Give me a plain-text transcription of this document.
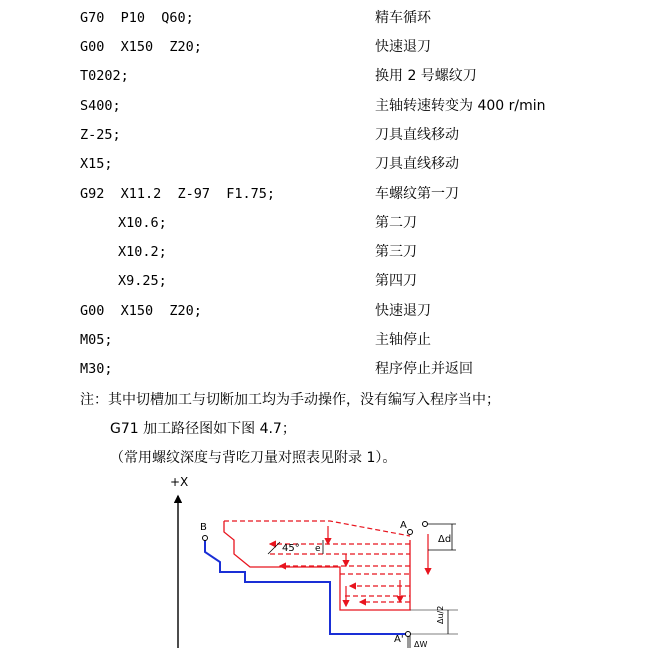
G70  P10  Q60;	精车循环
G00  X150  Z20;	快速退刀
T0202;	换用 2 号螺纹刀
S400;	主轴转速转变为 400 r/min
Z-25;	刀具直线移动
X15;	刀具直线移动
G92  X11.2  Z-97  F1.75;	车螺纹第一刀
X10.6;	第二刀
X10.2;	第三刀
X9.25;	第四刀
G00  X150  Z20;	快速退刀
M05;	主轴停止
M30;	程序停止并返回
注：其中切槽加工与切断加工均为手动操作，没有编写入程序当中；
G71 加工路径图如下图 4.7；
（常用螺纹深度与背吃刀量对照表见附录 1）。
+X
B
45° e
A
Δd
Δu/2
A' ΔW
